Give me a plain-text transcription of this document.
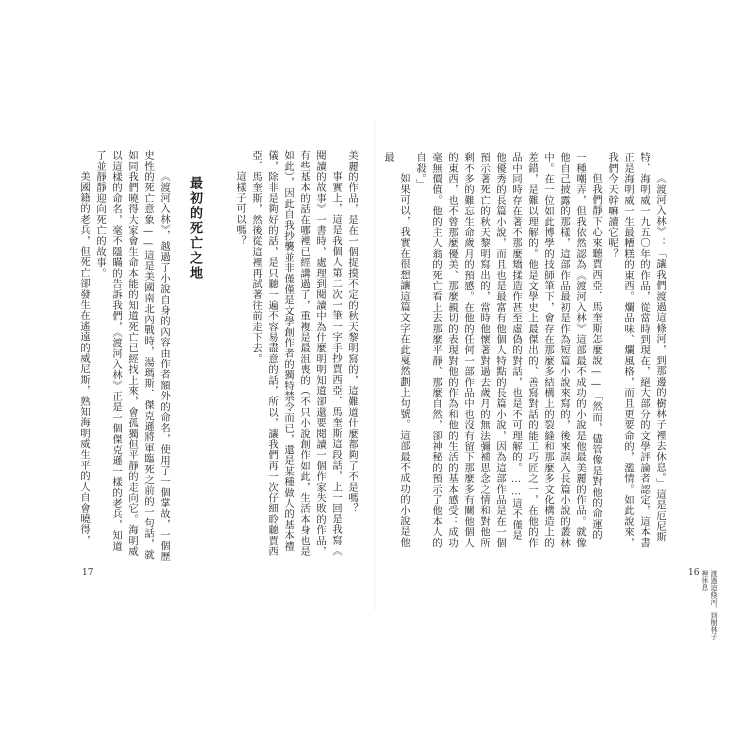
《渡河入林》：「讓我們渡過這條河，到那邊的樹林子裡去休息。」這是厄尼斯特．海明威一九五〇年的作品，從當時到現在，絕大部分的文學評論者認定，這本書正是海明威一生最糟糕的東西。爛品味、爛風格，而且更要命的，濫情。如此說來，我們今天幹嘛讀它呢？

但我們靜下心來聽賈西亞．馬奎斯怎麼說——「然而，儘管像是對他的命運的一種嘲弄，但我依然認為《渡河入林》這部最不成功的小說是他最美麗的作品。就像他自己披露的那樣，這部作品最初是作為短篇小說來寫的，後來誤入長篇小說的叢林中。在一位如此博學的技師筆下，會存在那麼多結構上的裂縫和那麼多文化構造上的差錯，是難以理解的。他是文學史上最傑出的、善寫對話的能工巧匠之一，在他的作品中同時存在著不那麼矯揉造作甚至虛偽的對話，也是不可理解的。……這不僅是他優秀的長篇小說，而且也是最富有他個人特點的長篇小說，因為這部作品是在一個預示著死亡的秋天黎明寫出的，當時他懷著對過去歲月的無法彌補思念之情和對他所剩不多的難忘生命歲月的預感。在他的任何一部作品中也沒有留下那麼多有關他個人的東西，也不曾那麼優美、那麼親切的表現對他的作為和他的生活的基本感受：成功毫無價值。他的主人翁的死亡看上去那麼平靜、那麼自然，卻神秘的預示了他本人的自殺。」

如果可以，我實在很想讓這篇文字在此戛然劃上句號。這部最不成功的小說是他最

16	渡過這條河，到樹林子裡休息

美麗的作品，是在一個捉摸不定的秋天黎明寫的，這難道什麼都夠了不是嗎？

事實上，這是我個人第二次一筆一字手抄賈西亞．馬奎斯這段話，上一回是我寫《閱讀的故事》一書時，處理到閱讀中為什麼明明知道卻還要閱讀一個作家失敗的作品，有些基本的話在哪裡已經講過了，重複是最沮喪的（不只小說創作如此，生活本身也是如此），因此自我抄襲並非僅僅是文學創作者的獨特禁令而已，還是某種做人的基本禮儀，除非是夠好的話，是只聽一遍不容易盡意的話，所以，讓我們再一次仔細聆聽賈西亞．馬奎斯，然後從這裡再試著往前走下去。

這樣子可以嗎？

最初的死亡之地

《渡河入林》，越過了小說自身的內容由作者額外的命名，使用了一個掌故，一個歷史性的死亡意象——這是美國南北內戰時，湯瑪斯．傑克遜將軍臨死之前的一句話，就如同我們曉得大家會生命本能的知道死亡已經找上來，會孤獨但平靜的走向它。海明威以這樣的命名，毫不隱瞞的告訴我們，《渡河入林》正是一個傑克遜一樣的老兵，知道了並靜靜迎向死亡的故事。

美國籍的老兵，但死亡卻發生在遙遠的威尼斯，熟知海明威生平的人自會曉得，

17
